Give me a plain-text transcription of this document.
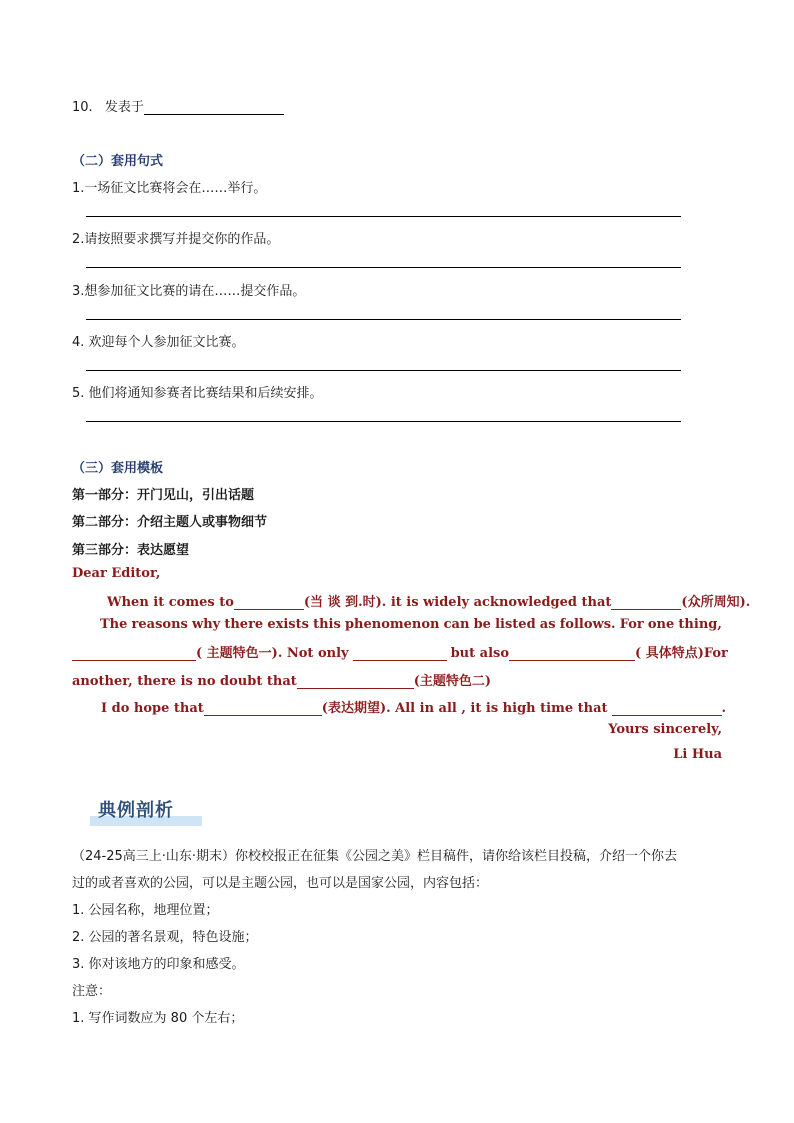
10. 发表于
（二）套用句式
1.一场征文比赛将会在……举行。
2.请按照要求撰写并提交你的作品。
3.想参加征文比赛的请在……提交作品。
4. 欢迎每个人参加征文比赛。
5. 他们将通知参赛者比赛结果和后续安排。
（三）套用模板
第一部分：开门见山，引出话题
第二部分：介绍主题人或事物细节
第三部分：表达愿望
Dear Editor,
When it comes to	(当 谈 到.时). it is widely acknowledged that	(众所周知).
The reasons why there exists this phenomenon can be listed as follows. For one thing,
( 主题特色一). Not only	but also	( 具体特点)For
another, there is no doubt that	(主题特色二)
I do hope that	(表达期望). All in all , it is high time that	.
Yours sincerely,
Li Hua
典例剖析
（24-25高三上·山东·期末）你校校报正在征集《公园之美》栏目稿件，请你给该栏目投稿，介绍一个你去
过的或者喜欢的公园，可以是主题公园，也可以是国家公园，内容包括：
1. 公园名称，地理位置；
2. 公园的著名景观，特色设施；
3. 你对该地方的印象和感受。
注意：
1. 写作词数应为 80 个左右；
